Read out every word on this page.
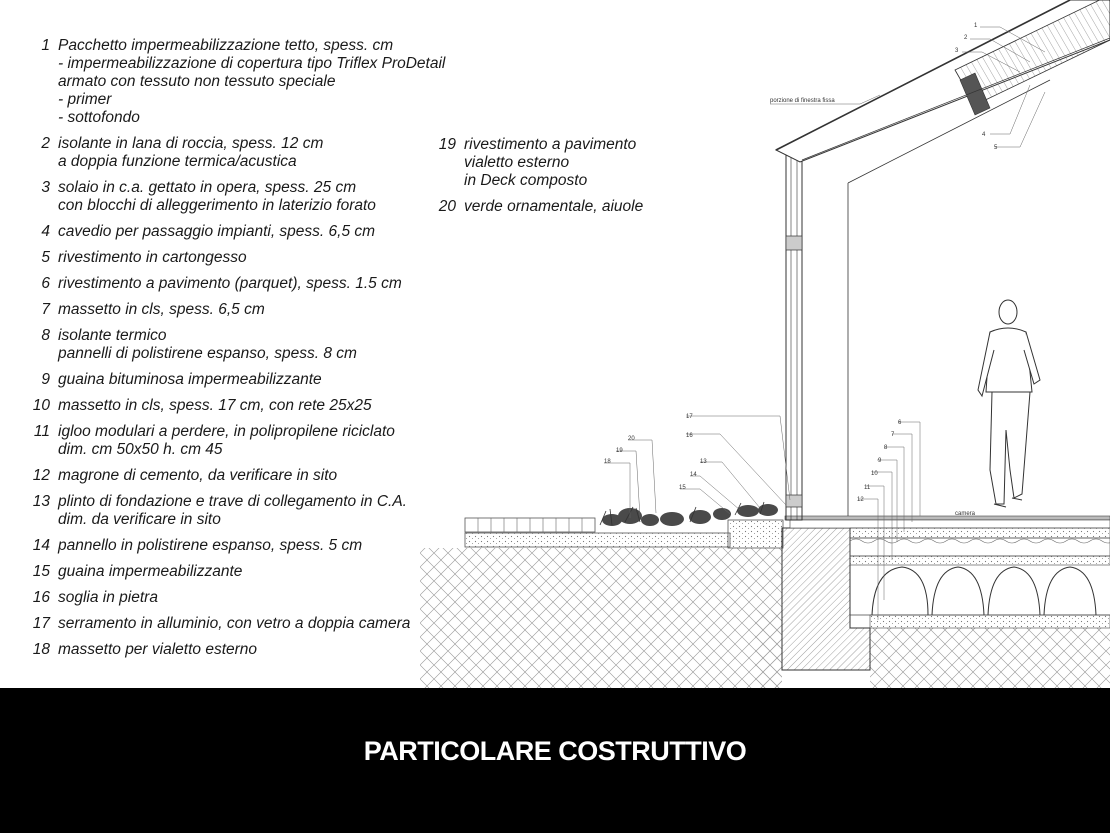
1 Pacchetto impermeabilizzazione tetto, spess. cm
- impermeabilizzazione di copertura tipo Triflex ProDetail
armato con tessuto non tessuto speciale
- primer
- sottofondo
2 isolante in lana di roccia, spess. 12 cm
a doppia funzione termica/acustica
3 solaio in c.a. gettato in opera, spess. 25 cm
con blocchi di alleggerimento in laterizio forato
4 cavedio per passaggio impianti, spess. 6,5 cm
5 rivestimento in cartongesso
6 rivestimento a pavimento (parquet), spess. 1.5 cm
7 massetto in cls, spess. 6,5 cm
8 isolante termico
pannelli di polistirene espanso, spess. 8 cm
9 guaina bituminosa impermeabilizzante
10 massetto in cls, spess. 17 cm, con rete 25x25
11 igloo modulari a perdere, in polipropilene riciclato
dim. cm 50x50 h. cm 45
12 magrone di cemento, da verificare in sito
13 plinto di fondazione e trave di collegamento in C.A.
dim. da verificare in sito
14 pannello in polistirene espanso, spess. 5 cm
15 guaina impermeabilizzante
16 soglia in pietra
17 serramento in alluminio, con vetro a doppia camera
18 massetto per vialetto esterno
19 rivestimento a pavimento
vialetto esterno
in Deck composto
20 verde ornamentale, aiuole
1
2
3
4
5
6
7
8
9
10
11
12
13
14
15
16
17
18
19
20
porzione di finestra fissa
camera
PARTICOLARE COSTRUTTIVO
